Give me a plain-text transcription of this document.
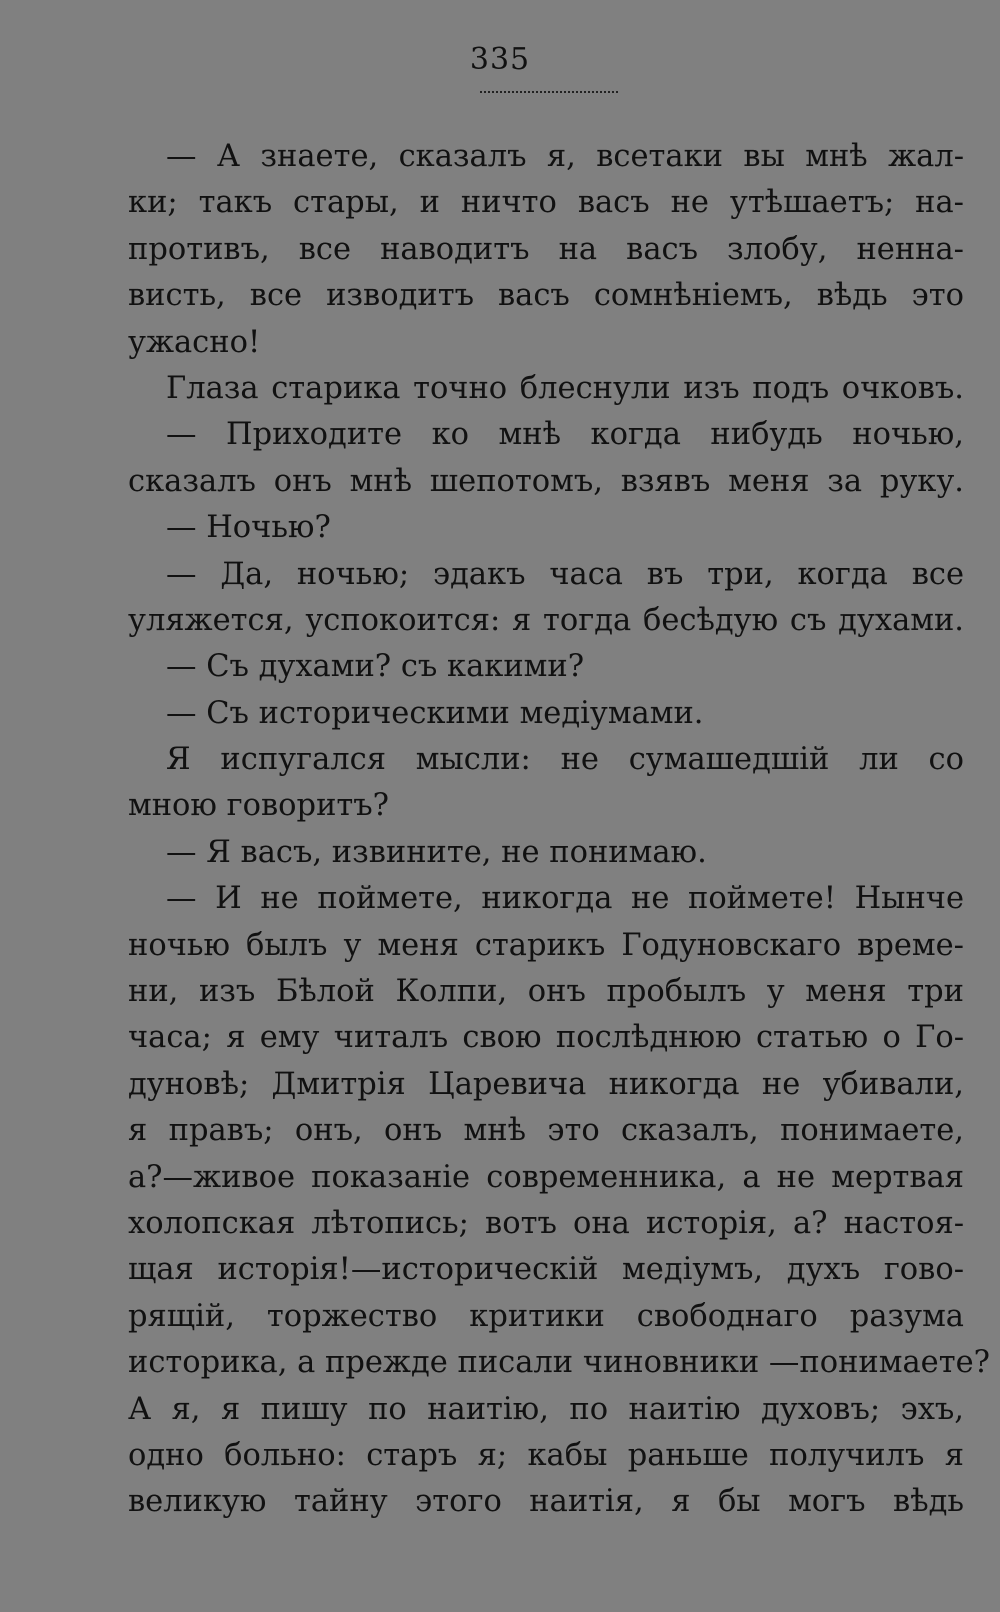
335
— А знаете, сказалъ я, всетаки вы мнѣ жал-
ки; такъ стары, и ничто васъ не утѣшаетъ; на-
противъ, все наводитъ на васъ злобу, ненна-
висть, все изводитъ васъ сомнѣніемъ, вѣдь это
ужасно!
Глаза старика точно блеснули изъ подъ очковъ.
— Приходите ко мнѣ когда нибудь ночью,
сказалъ онъ мнѣ шепотомъ, взявъ меня за руку.
— Ночью?
— Да, ночью; эдакъ часа въ три, когда все
уляжется, успокоится: я тогда бесѣдую съ духами.
— Съ духами? съ какими?
— Съ историческими медіумами.
Я испугался мысли: не сумашедшій ли со
мною говоритъ?
— Я васъ, извините, не понимаю.
— И не поймете, никогда не поймете! Нынче
ночью былъ у меня старикъ Годуновскаго време-
ни, изъ Бѣлой Колпи, онъ пробылъ у меня три
часа; я ему читалъ свою послѣднюю статью о Го-
дуновѣ; Дмитрія Царевича никогда не убивали,
я правъ; онъ, онъ мнѣ это сказалъ, понимаете,
а?—живое показаніе современника, а не мертвая
холопская лѣтопись; вотъ она исторія, а? настоя-
щая исторія!—историческій медіумъ, духъ гово-
рящій, торжество критики свободнаго разума
историка, а прежде писали чиновники —понимаете?
А я, я пишу по наитію, по наитію духовъ; эхъ,
одно больно: старъ я; кабы раньше получилъ я
великую тайну этого наитія, я бы могъ вѣдь
